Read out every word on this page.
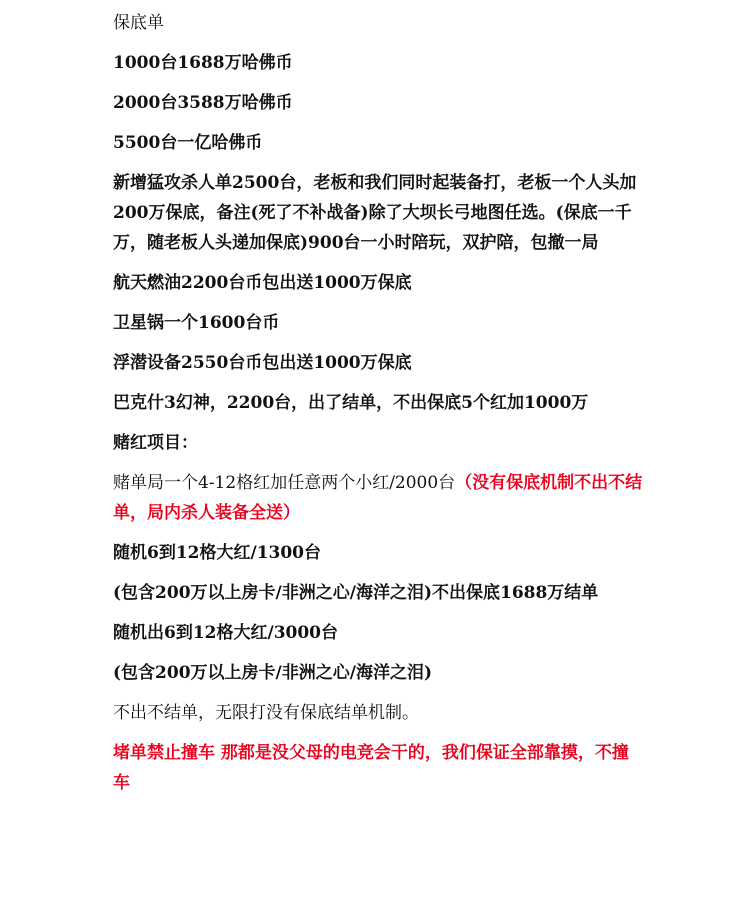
保底单

1000台1688万哈佛币

2000台3588万哈佛币

5500台一亿哈佛币

新增猛攻杀人单2500台，老板和我们同时起装备打，老板一个人头加200万保底，备注(死了不补战备)除了大坝长弓地图任选。(保底一千万，随老板人头递加保底)900台一小时陪玩，双护陪，包撤一局

航天燃油2200台币包出送1000万保底

卫星锅一个1600台币

浮潜设备2550台币包出送1000万保底

巴克什3幻神，2200台，出了结单，不出保底5个红加1000万

赌红项目：

赌单局一个4-12格红加任意两个小红/2000台（没有保底机制不出不结单，局内杀人装备全送）

随机6到12格大红/1300台

(包含200万以上房卡/非洲之心/海洋之泪)不出保底1688万结单

随机出6到12格大红/3000台

(包含200万以上房卡/非洲之心/海洋之泪)

不出不结单，无限打没有保底结单机制。

堵单禁止撞车 那都是没父母的电竞会干的，我们保证全部靠摸，不撞车
